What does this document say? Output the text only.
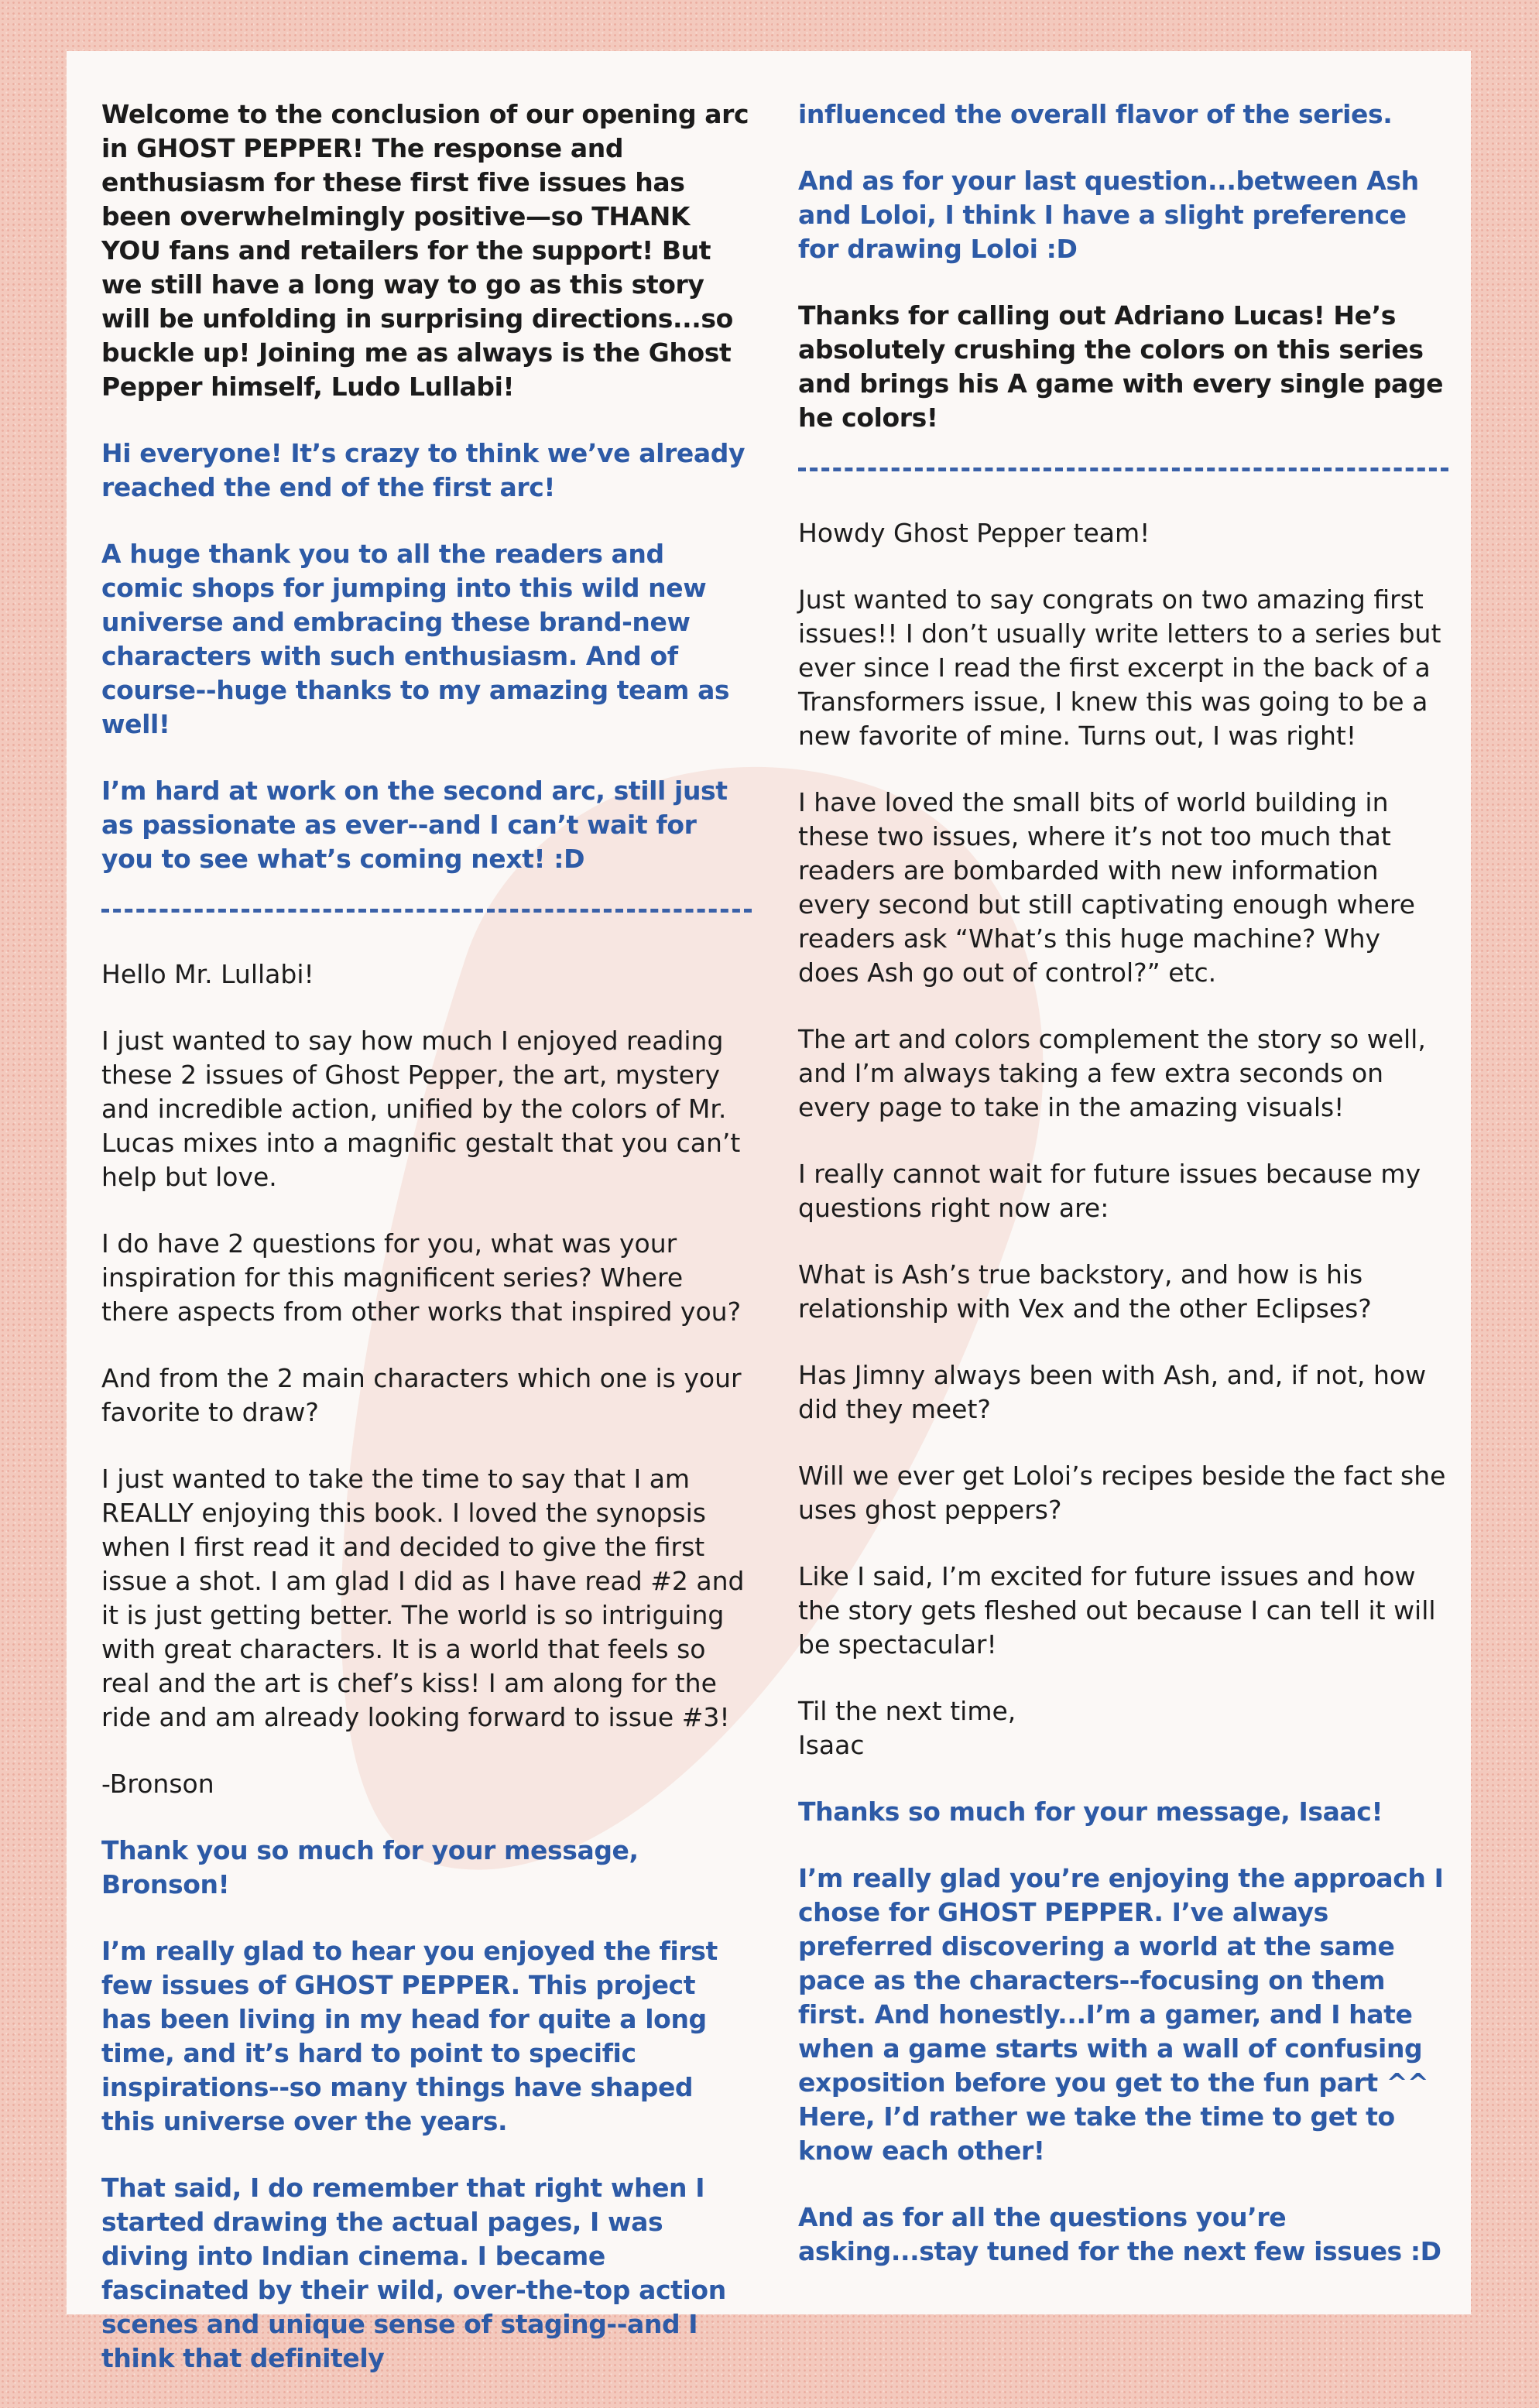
Welcome to the conclusion of our opening arc in GHOST PEPPER! The response and enthusiasm for these first five issues has been overwhelmingly positive—so THANK YOU fans and retailers for the support! But we still have a long way to go as this story will be unfolding in surprising directions...so buckle up! Joining me as always is the Ghost Pepper himself, Ludo Lullabi!

Hi everyone! It’s crazy to think we’ve already reached the end of the first arc!

A huge thank you to all the readers and comic shops for jumping into this wild new universe and embracing these brand-new characters with such enthusiasm. And of course--huge thanks to my amazing team as well!

I’m hard at work on the second arc, still just as passionate as ever--and I can’t wait for you to see what’s coming next! :D

Hello Mr. Lullabi!

I just wanted to say how much I enjoyed reading these 2 issues of Ghost Pepper, the art, mystery and incredible action, unified by the colors of Mr. Lucas mixes into a magnific gestalt that you can’t help but love.

I do have 2 questions for you, what was your inspiration for this magnificent series? Where there aspects from other works that inspired you?

And from the 2 main characters which one is your favorite to draw?

I just wanted to take the time to say that I am REALLY enjoying this book. I loved the synopsis when I first read it and decided to give the first issue a shot. I am glad I did as I have read #2 and it is just getting better. The world is so intriguing with great characters. It is a world that feels so real and the art is chef’s kiss! I am along for the ride and am already looking forward to issue #3!

-Bronson

Thank you so much for your message, Bronson!

I’m really glad to hear you enjoyed the first few issues of GHOST PEPPER. This project has been living in my head for quite a long time, and it’s hard to point to specific inspirations--so many things have shaped this universe over the years.

That said, I do remember that right when I started drawing the actual pages, I was diving into Indian cinema. I became fascinated by their wild, over-the-top action scenes and unique sense of staging--and I think that definitely

influenced the overall flavor of the series.

And as for your last question...between Ash and Loloi, I think I have a slight preference for drawing Loloi :D

Thanks for calling out Adriano Lucas! He’s absolutely crushing the colors on this series and brings his A game with every single page he colors!

Howdy Ghost Pepper team!

Just wanted to say congrats on two amazing first issues!! I don’t usually write letters to a series but ever since I read the first excerpt in the back of a Transformers issue, I knew this was going to be a new favorite of mine. Turns out, I was right!

I have loved the small bits of world building in these two issues, where it’s not too much that readers are bombarded with new information every second but still captivating enough where readers ask “What’s this huge machine? Why does Ash go out of control?” etc.

The art and colors complement the story so well, and I’m always taking a few extra seconds on every page to take in the amazing visuals!

I really cannot wait for future issues because my questions right now are:

What is Ash’s true backstory, and how is his relationship with Vex and the other Eclipses?

Has Jimny always been with Ash, and, if not, how did they meet?

Will we ever get Loloi’s recipes beside the fact she uses ghost peppers?

Like I said, I’m excited for future issues and how the story gets fleshed out because I can tell it will be spectacular!

Til the next time,
Isaac

Thanks so much for your message, Isaac!

I’m really glad you’re enjoying the approach I chose for GHOST PEPPER. I’ve always preferred discovering a world at the same pace as the characters--focusing on them first. And honestly...I’m a gamer, and I hate when a game starts with a wall of confusing exposition before you get to the fun part ^^ Here, I’d rather we take the time to get to know each other!

And as for all the questions you’re asking...stay tuned for the next few issues :D
